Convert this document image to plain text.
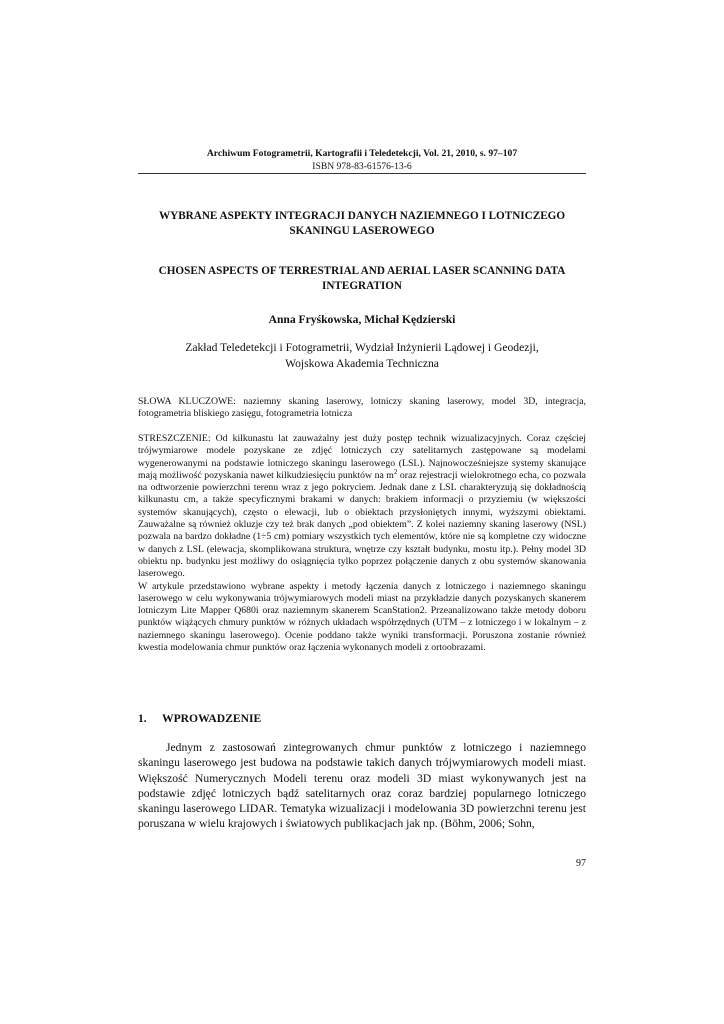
Archiwum Fotogrametrii, Kartografii i Teledetekcji, Vol. 21, 2010, s. 97–107
ISBN 978-83-61576-13-6
WYBRANE ASPEKTY INTEGRACJI DANYCH NAZIEMNEGO I LOTNICZEGO SKANINGU LASEROWEGO
CHOSEN ASPECTS OF TERRESTRIAL AND AERIAL LASER SCANNING DATA INTEGRATION
Anna Fryśkowska, Michał Kędzierski
Zakład Teledetekcji i Fotogrametrii, Wydział Inżynierii Lądowej i Geodezji,
Wojskowa Akademia Techniczna
SŁOWA KLUCZOWE: naziemny skaning laserowy, lotniczy skaning laserowy, model 3D, integracja, fotogrametria bliskiego zasięgu, fotogrametria lotnicza

STRESZCZENIE: Od kilkunastu lat zauważalny jest duży postęp technik wizualizacyjnych. Coraz częściej trójwymiarowe modele pozyskane ze zdjęć lotniczych czy satelitarnych zastępowane są modelami wygenerowanymi na podstawie lotniczego skaningu laserowego (LSL). Najnowocześniejsze systemy skanujące mają możliwość pozyskania nawet kilkudziesięciu punktów na $m^2$ oraz rejestracji wielokrotnego echa, co pozwala na odtworzenie powierzchni terenu wraz z jego pokryciem. Jednak dane z LSL charakteryzują się dokładnością kilkunastu cm, a także specyficznymi brakami w danych: brakiem informacji o przyziemiu (w większości systemów skanujących), często o elewacji, lub o obiektach przysłoniętych innymi, wyższymi obiektami. Zauważalne są również okluzje czy też brak danych „pod obiektem”. Z kolei naziemny skaning laserowy (NSL) pozwala na bardzo dokładne (1÷5 cm) pomiary wszystkich tych elementów, które nie są kompletne czy widoczne w danych z LSL (elewacja, skomplikowana struktura, wnętrze czy kształt budynku, mostu itp.). Pełny model 3D obiektu np. budynku jest możliwy do osiągnięcia tylko poprzez połączenie danych z obu systemów skanowania laserowego.

W artykule przedstawiono wybrane aspekty i metody łączenia danych z lotniczego i naziemnego skaningu laserowego w celu wykonywania trójwymiarowych modeli miast na przykładzie danych pozyskanych skanerem lotniczym Lite Mapper Q680i oraz naziemnym skanerem ScanStation2. Przeanalizowano także metody doboru punktów wiążących chmury punktów w różnych układach współrzędnych (UTM – z lotniczego i w lokalnym – z naziemnego skaningu laserowego). Ocenie poddano także wyniki transformacji. Poruszona zostanie również kwestia modelowania chmur punktów oraz łączenia wykonanych modeli z ortoobrazami.

1. WPROWADZENIE

Jednym z zastosowań zintegrowanych chmur punktów z lotniczego i naziemnego skaningu laserowego jest budowa na podstawie takich danych trójwymiarowych modeli miast. Większość Numerycznych Modeli terenu oraz modeli 3D miast wykonywanych jest na podstawie zdjęć lotniczych bądź satelitarnych oraz coraz bardziej popularnego lotniczego skaningu laserowego LIDAR. Tematyka wizualizacji i modelowania 3D powierzchni terenu jest poruszana w wielu krajowych i światowych publikacjach jak np. (Böhm, 2006; Sohn,

97
